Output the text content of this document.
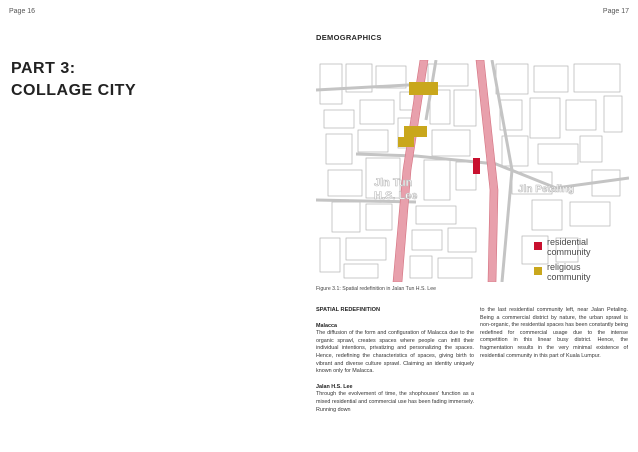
Page 16	Page 17
PART 3:
COLLAGE CITY
DEMOGRAPHICS
Jln Tun
H.S. Lee
Jln Petaling
residential
community
religious
community
Figure 3.1: Spatial redefinition in Jalan Tun H.S. Lee
SPATIAL REDEFINITION
Malacca

The diffusion of the form and configuration of Malacca due to the organic sprawl, creates spaces where people can infill their individual intentions, privatizing and personalizing the spaces. Hence, redefining the characteristics of spaces, giving birth to vibrant and diverse culture sprawl. Claiming an identity uniquely known only for Malacca.

Jalan H.S. Lee

Through the evolvement of time, the shophouses' function as a mixed residential and commercial use has been fading immersely. Running down

to the last residential community left, near Jalan Petaling. Being a commercial district by nature, the urban sprawl is non-organic, the residential spaces has been constantly being redefined for commercial usage due to the intense competition in this linear busy district. Hence, the fragmentation results in the very minimal existence of residential community in this part of Kuala Lumpur.
